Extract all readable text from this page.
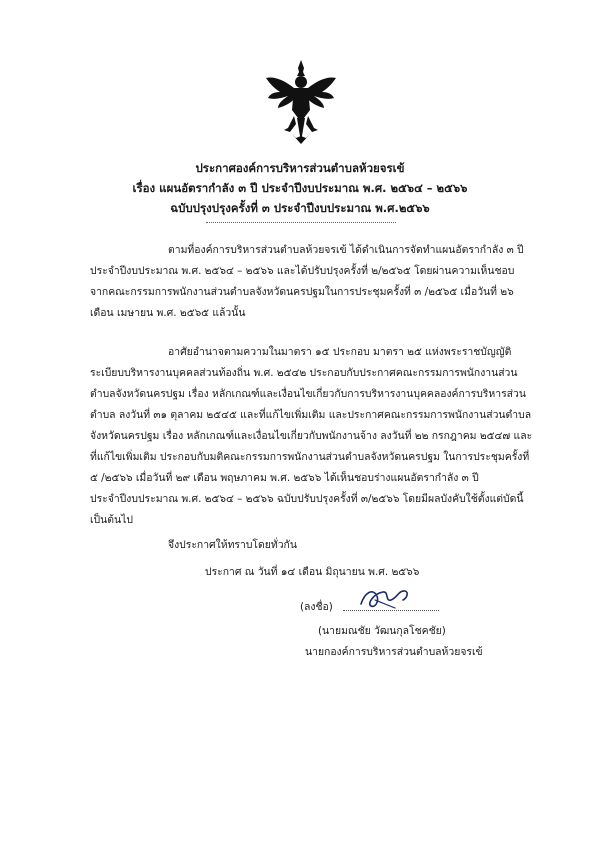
ประกาศองค์การบริหารส่วนตำบลห้วยจรเข้
เรื่อง แผนอัตรากำลัง ๓ ปี ประจำปีงบประมาณ พ.ศ. ๒๕๖๔ – ๒๕๖๖
ฉบับปรุงปรุงครั้งที่ ๓ ประจำปีงบประมาณ พ.ศ.๒๕๖๖
ตามที่องค์การบริหารส่วนตำบลห้วยจรเข้ ได้ดำเนินการจัดทำแผนอัตรากำลัง ๓ ปี
ประจำปีงบประมาณ พ.ศ. ๒๕๖๔ – ๒๕๖๖ และได้ปรับปรุงครั้งที่ ๒/๒๕๖๕ โดยผ่านความเห็นชอบ
จากคณะกรรมการพนักงานส่วนตำบลจังหวัดนครปฐมในการประชุมครั้งที่ ๓ /๒๕๖๕ เมื่อวันที่ ๒๖
เดือน เมษายน พ.ศ. ๒๕๖๕ แล้วนั้น
อาศัยอำนาจตามความในมาตรา ๑๕ ประกอบ มาตรา ๒๕ แห่งพระราชบัญญัติ
ระเบียบบริหารงานบุคคลส่วนท้องถิ่น พ.ศ. ๒๕๔๒ ประกอบกับประกาศคณะกรรมการพนักงานส่วน
ตำบลจังหวัดนครปฐม เรื่อง หลักเกณฑ์และเงื่อนไขเกี่ยวกับการบริหารงานบุคคลองค์การบริหารส่วน
ตำบล ลงวันที่ ๓๑ ตุลาคม ๒๕๔๕ และที่แก้ไขเพิ่มเติม และประกาศคณะกรรมการพนักงานส่วนตำบล
จังหวัดนครปฐม เรื่อง หลักเกณฑ์และเงื่อนไขเกี่ยวกับพนักงานจ้าง ลงวันที่ ๒๒ กรกฎาคม ๒๕๔๗ และ
ที่แก้ไขเพิ่มเติม ประกอบกับมติคณะกรรมการพนักงานส่วนตำบลจังหวัดนครปฐม ในการประชุมครั้งที่
๕ /๒๕๖๖ เมื่อวันที่ ๒๙ เดือน พฤษภาคม พ.ศ. ๒๕๖๖ ได้เห็นชอบร่างแผนอัตรากำลัง ๓ ปี
ประจำปีงบประมาณ พ.ศ. ๒๕๖๔ – ๒๕๖๖ ฉบับปรับปรุงครั้งที่ ๓/๒๕๖๖ โดยมีผลบังคับใช้ตั้งแต่บัดนี้
เป็นต้นไป
จึงประกาศให้ทราบโดยทั่วกัน
ประกาศ ณ วันที่ ๑๔ เดือน มิถุนายน พ.ศ. ๒๕๖๖
(ลงชื่อ)
(นายมณชัย วัฒนกุลโชคชัย)
นายกองค์การบริหารส่วนตำบลห้วยจรเข้
